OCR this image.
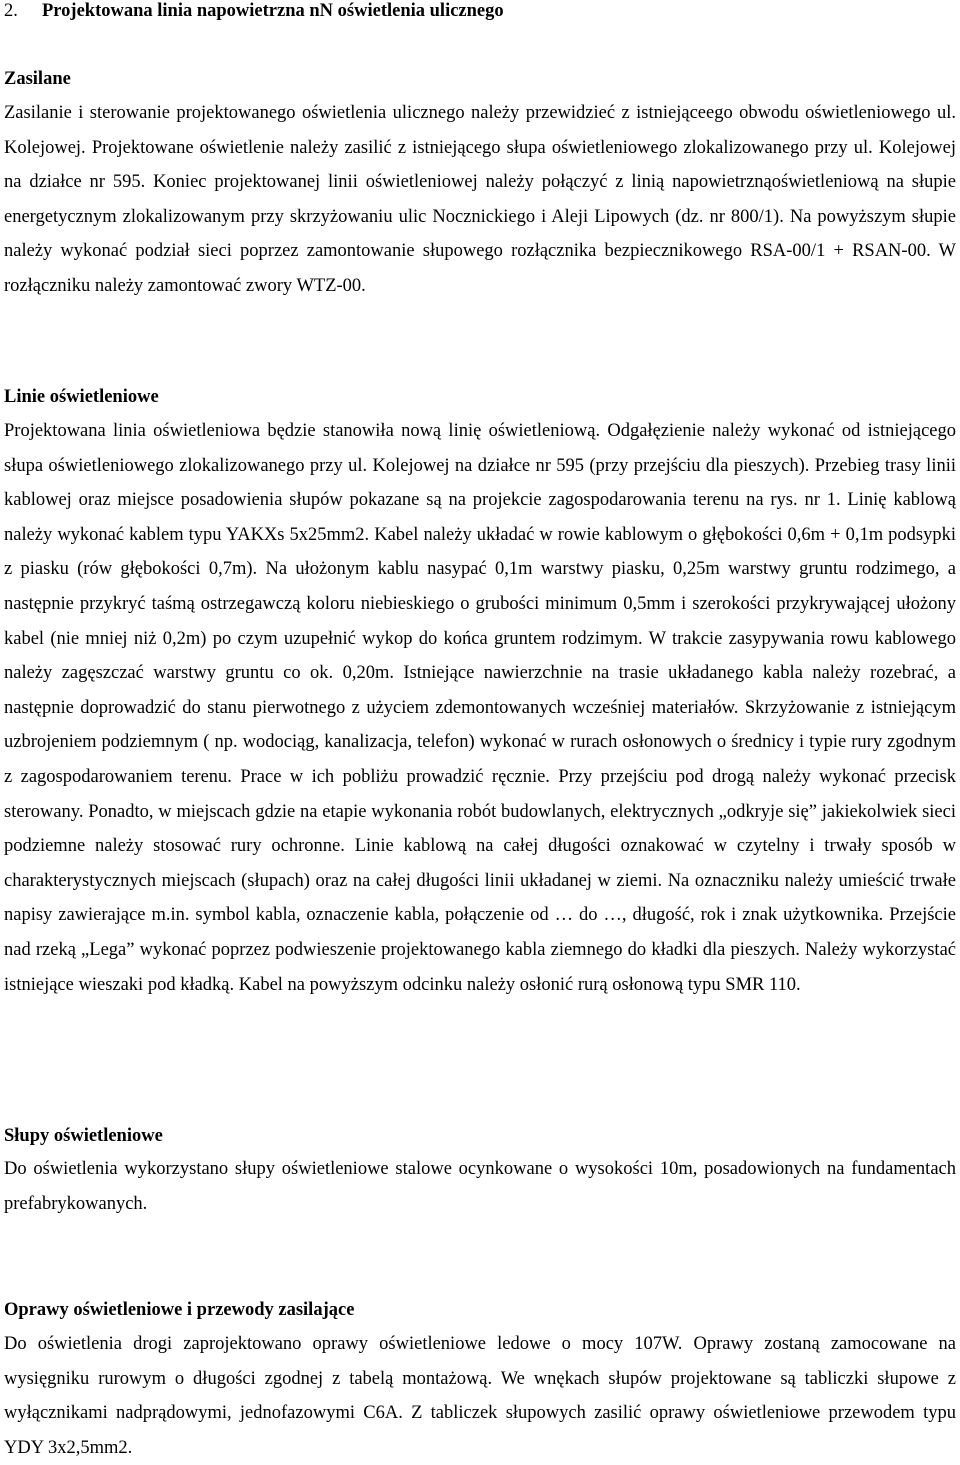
2. Projektowana linia napowietrzna nN oświetlenia ulicznego
Zasilane

Zasilanie i sterowanie projektowanego oświetlenia ulicznego należy przewidzieć z istniejąceego obwodu oświetleniowego ul. Kolejowej. Projektowane oświetlenie należy zasilić z istniejącego słupa oświetleniowego zlokalizowanego przy ul. Kolejowej na działce nr 595. Koniec projektowanej linii oświetleniowej należy połączyć z linią napowietrznąoświetleniową na słupie energetycznym zlokalizowanym przy skrzyżowaniu ulic Nocznickiego i Aleji Lipowych (dz. nr 800/1). Na powyższym słupie należy wykonać podział sieci poprzez zamontowanie słupowego rozłącznika bezpiecznikowego RSA-00/1 + RSAN-00. W rozłączniku należy zamontować zwory WTZ-00.

Linie oświetleniowe

Projektowana linia oświetleniowa będzie stanowiła nową linię oświetleniową. Odgałęzienie należy wykonać od istniejącego słupa oświetleniowego zlokalizowanego przy ul. Kolejowej na działce nr 595 (przy przejściu dla pieszych). Przebieg trasy linii kablowej oraz miejsce posadowienia słupów pokazane są na projekcie zagospodarowania terenu na rys. nr 1. Linię kablową należy wykonać kablem typu YAKXs 5x25mm2. Kabel należy układać w rowie kablowym o głębokości 0,6m + 0,1m podsypki z piasku (rów głębokości 0,7m). Na ułożonym kablu nasypać 0,1m warstwy piasku, 0,25m warstwy gruntu rodzimego, a następnie przykryć taśmą ostrzegawczą koloru niebieskiego o grubości minimum 0,5mm i szerokości przykrywającej ułożony kabel (nie mniej niż 0,2m) po czym uzupełnić wykop do końca gruntem rodzimym. W trakcie zasypywania rowu kablowego należy zagęszczać warstwy gruntu co ok. 0,20m. Istniejące nawierzchnie na trasie układanego kabla należy rozebrać, a następnie doprowadzić do stanu pierwotnego z użyciem zdemontowanych wcześniej materiałów. Skrzyżowanie z istniejącym uzbrojeniem podziemnym ( np. wodociąg, kanalizacja, telefon) wykonać w rurach osłonowych o średnicy i typie rury zgodnym z zagospodarowaniem terenu. Prace w ich pobliżu prowadzić ręcznie. Przy przejściu pod drogą należy wykonać przecisk sterowany. Ponadto, w miejscach gdzie na etapie wykonania robót budowlanych, elektrycznych „odkryje się” jakiekolwiek sieci podziemne należy stosować rury ochronne. Linie kablową na całej długości oznakować w czytelny i trwały sposób w charakterystycznych miejscach (słupach) oraz na całej długości linii układanej w ziemi. Na oznaczniku należy umieścić trwałe napisy zawierające m.in. symbol kabla, oznaczenie kabla, połączenie od … do …, długość, rok i znak użytkownika. Przejście nad rzeką „Lega” wykonać poprzez podwieszenie projektowanego kabla ziemnego do kładki dla pieszych. Należy wykorzystać istniejące wieszaki pod kładką. Kabel na powyższym odcinku należy osłonić rurą osłonową typu SMR 110.

Słupy oświetleniowe

Do oświetlenia wykorzystano słupy oświetleniowe stalowe ocynkowane o wysokości 10m, posadowionych na fundamentach prefabrykowanych.

Oprawy oświetleniowe i przewody zasilające

Do oświetlenia drogi zaprojektowano oprawy oświetleniowe ledowe o mocy 107W. Oprawy zostaną zamocowane na wysięgniku rurowym o długości zgodnej z tabelą montażową. We wnękach słupów projektowane są tabliczki słupowe z wyłącznikami nadprądowymi, jednofazowymi C6A. Z tabliczek słupowych zasilić oprawy oświetleniowe przewodem typu YDY 3x2,5mm2.
